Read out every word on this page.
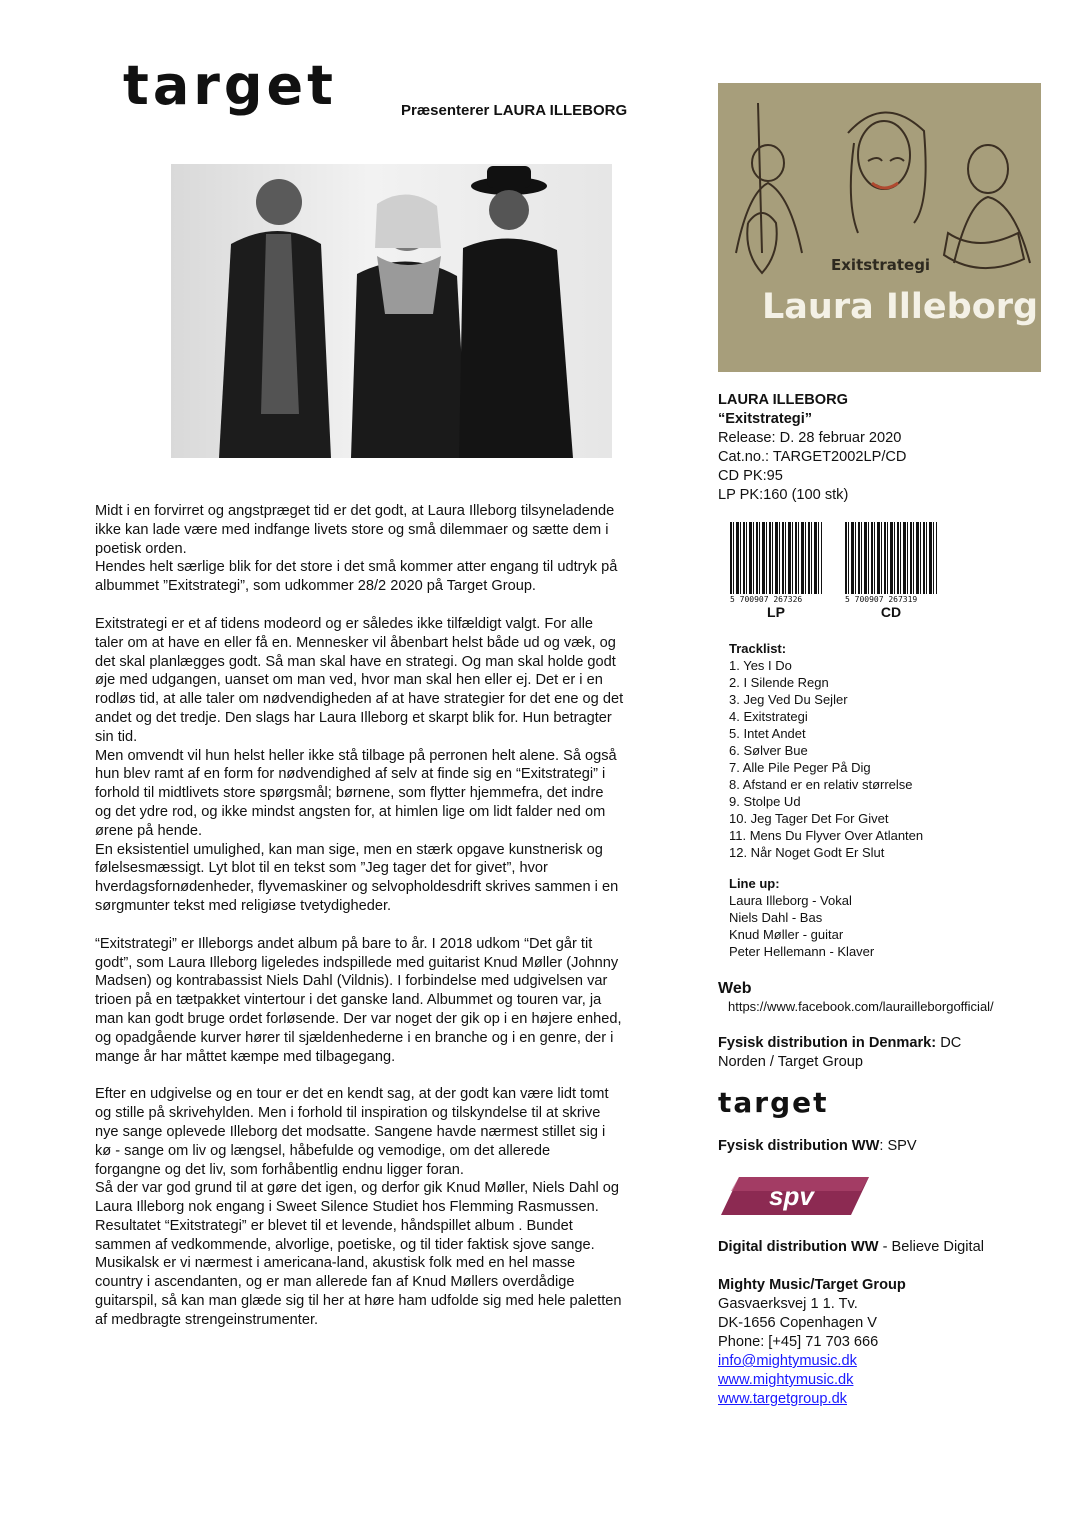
target	Præsenterer LAURA ILLEBORG
Exitstrategi
Laura Illeborg
LAURA ILLEBORG
“Exitstrategi”
Release: D. 28 februar 2020
Cat.no.: TARGET2002LP/CD
CD PK:95
LP PK:160 (100 stk)
5 700907 267326
LP
5 700907 267319
CD
Tracklist:
1. Yes I Do
2. I Silende Regn
3. Jeg Ved Du Sejler
4. Exitstrategi
5. Intet Andet
6. Sølver Bue
7. Alle Pile Peger På Dig
8. Afstand er en relativ størrelse
9. Stolpe Ud
10. Jeg Tager Det For Givet
11. Mens Du Flyver Over Atlanten
12. Når Noget Godt Er Slut
Line up:
Laura Illeborg - Vokal
Niels Dahl - Bas
Knud Møller - guitar
Peter Hellemann - Klaver
Web
https://www.facebook.com/laurailleborgofficial/
Fysisk distribution in Denmark: DC
Norden / Target Group
target
Fysisk distribution WW: SPV
spv
Digital distribution WW - Believe Digital
Mighty Music/Target Group
Gasvaerksvej 1 1. Tv.
DK-1656 Copenhagen V
Phone: [+45] 71 703 666
info@mightymusic.dk
www.mightymusic.dk
www.targetgroup.dk

Midt i en forvirret og angstpræget tid er det godt, at Laura Illeborg tilsyneladende
ikke kan lade være med indfange livets store og små dilemmaer og sætte dem i
poetisk orden.
Hendes helt særlige blik for det store i det små kommer atter engang til udtryk på
albummet ”Exitstrategi”, som udkommer 28/2 2020 på Target Group.

Exitstrategi er et af tidens modeord og er således ikke tilfældigt valgt. For alle
taler om at have en eller få en. Mennesker vil åbenbart helst både ud og væk, og
det skal planlægges godt. Så man skal have en strategi. Og man skal holde godt
øje med udgangen, uanset om man ved, hvor man skal hen eller ej. Det er i en
rodløs tid, at alle taler om nødvendigheden af at have strategier for det ene og det
andet og det tredje. Den slags har Laura Illeborg et skarpt blik for. Hun betragter
sin tid.
Men omvendt vil hun helst heller ikke stå tilbage på perronen helt alene. Så også
hun blev ramt af en form for nødvendighed af selv at finde sig en “Exitstrategi” i
forhold til midtlivets store spørgsmål; børnene, som flytter hjemmefra, det indre
og det ydre rod, og ikke mindst angsten for, at himlen lige om lidt falder ned om
ørene på hende.
En eksistentiel umulighed, kan man sige, men en stærk opgave kunstnerisk og
følelsesmæssigt. Lyt blot til en tekst som ”Jeg tager det for givet”, hvor
hverdagsfornødenheder, flyvemaskiner og selvopholdesdrift skrives sammen i en
sørgmunter tekst med religiøse tvetydigheder.

“Exitstrategi” er Illeborgs andet album på bare to år. I 2018 udkom “Det går tit
godt”, som Laura Illeborg ligeledes indspillede med guitarist Knud Møller (Johnny
Madsen) og kontrabassist Niels Dahl (Vildnis). I forbindelse med udgivelsen var
trioen på en tætpakket vintertour i det ganske land. Albummet og touren var, ja
man kan godt bruge ordet forløsende. Der var noget der gik op i en højere enhed,
og opadgående kurver hører til sjældenhederne i en branche og i en genre, der i
mange år har måttet kæmpe med tilbagegang.

Efter en udgivelse og en tour er det en kendt sag, at der godt kan være lidt tomt
og stille på skrivehylden. Men i forhold til inspiration og tilskyndelse til at skrive
nye sange oplevede Illeborg det modsatte. Sangene havde nærmest stillet sig i
kø - sange om liv og længsel, håbefulde og vemodige, om det allerede
forgangne og det liv, som forhåbentlig endnu ligger foran.
Så der var god grund til at gøre det igen, og derfor gik Knud Møller, Niels Dahl og
Laura Illeborg nok engang i Sweet Silence Studiet hos Flemming Rasmussen.
Resultatet “Exitstrategi” er blevet til et levende, håndspillet album . Bundet
sammen af vedkommende, alvorlige, poetiske, og til tider faktisk sjove sange.
Musikalsk er vi nærmest i americana-land, akustisk folk med en hel masse
country i ascendanten, og er man allerede fan af Knud Møllers overdådige
guitarspil, så kan man glæde sig til her at høre ham udfolde sig med hele paletten
af medbragte strengeinstrumenter.
